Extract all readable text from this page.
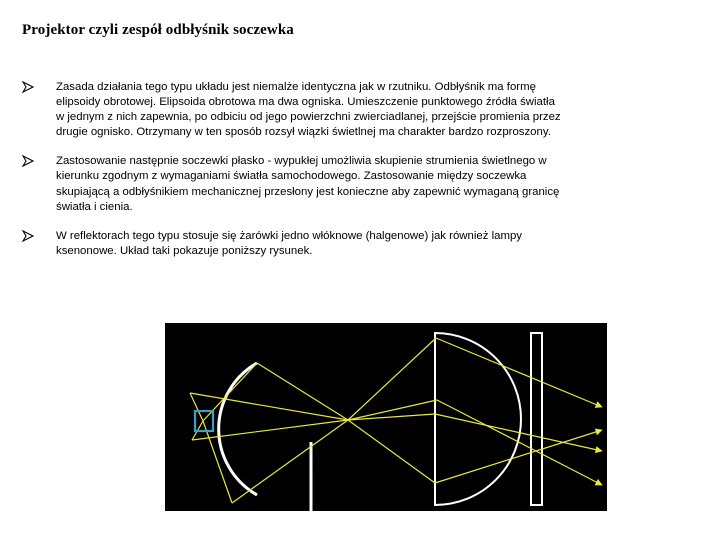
Projektor czyli zespół odbłyśnik soczewka
Zasada działania tego typu układu jest niemalże identyczna jak w rzutniku. Odbłyśnik ma formę elipsoidy obrotowej. Elipsoida obrotowa ma dwa ogniska. Umieszczenie punktowego źródła światła w jednym z nich zapewnia, po odbiciu od jego powierzchni zwierciadlanej, przejście promienia przez drugie ognisko. Otrzymany w ten sposób rozsył wiązki świetlnej ma charakter bardzo rozproszony.
Zastosowanie następnie soczewki płasko - wypukłej umożliwia skupienie strumienia świetlnego w kierunku zgodnym z wymaganiami światła samochodowego. Zastosowanie między soczewka skupiającą a odbłyśnikiem mechanicznej przesłony jest konieczne aby zapewnić wymaganą granicę światła i cienia.
W reflektorach tego typu stosuje się żarówki jedno włóknowe (halgenowe) jak również lampy ksenonowe. Układ taki pokazuje poniższy rysunek.
